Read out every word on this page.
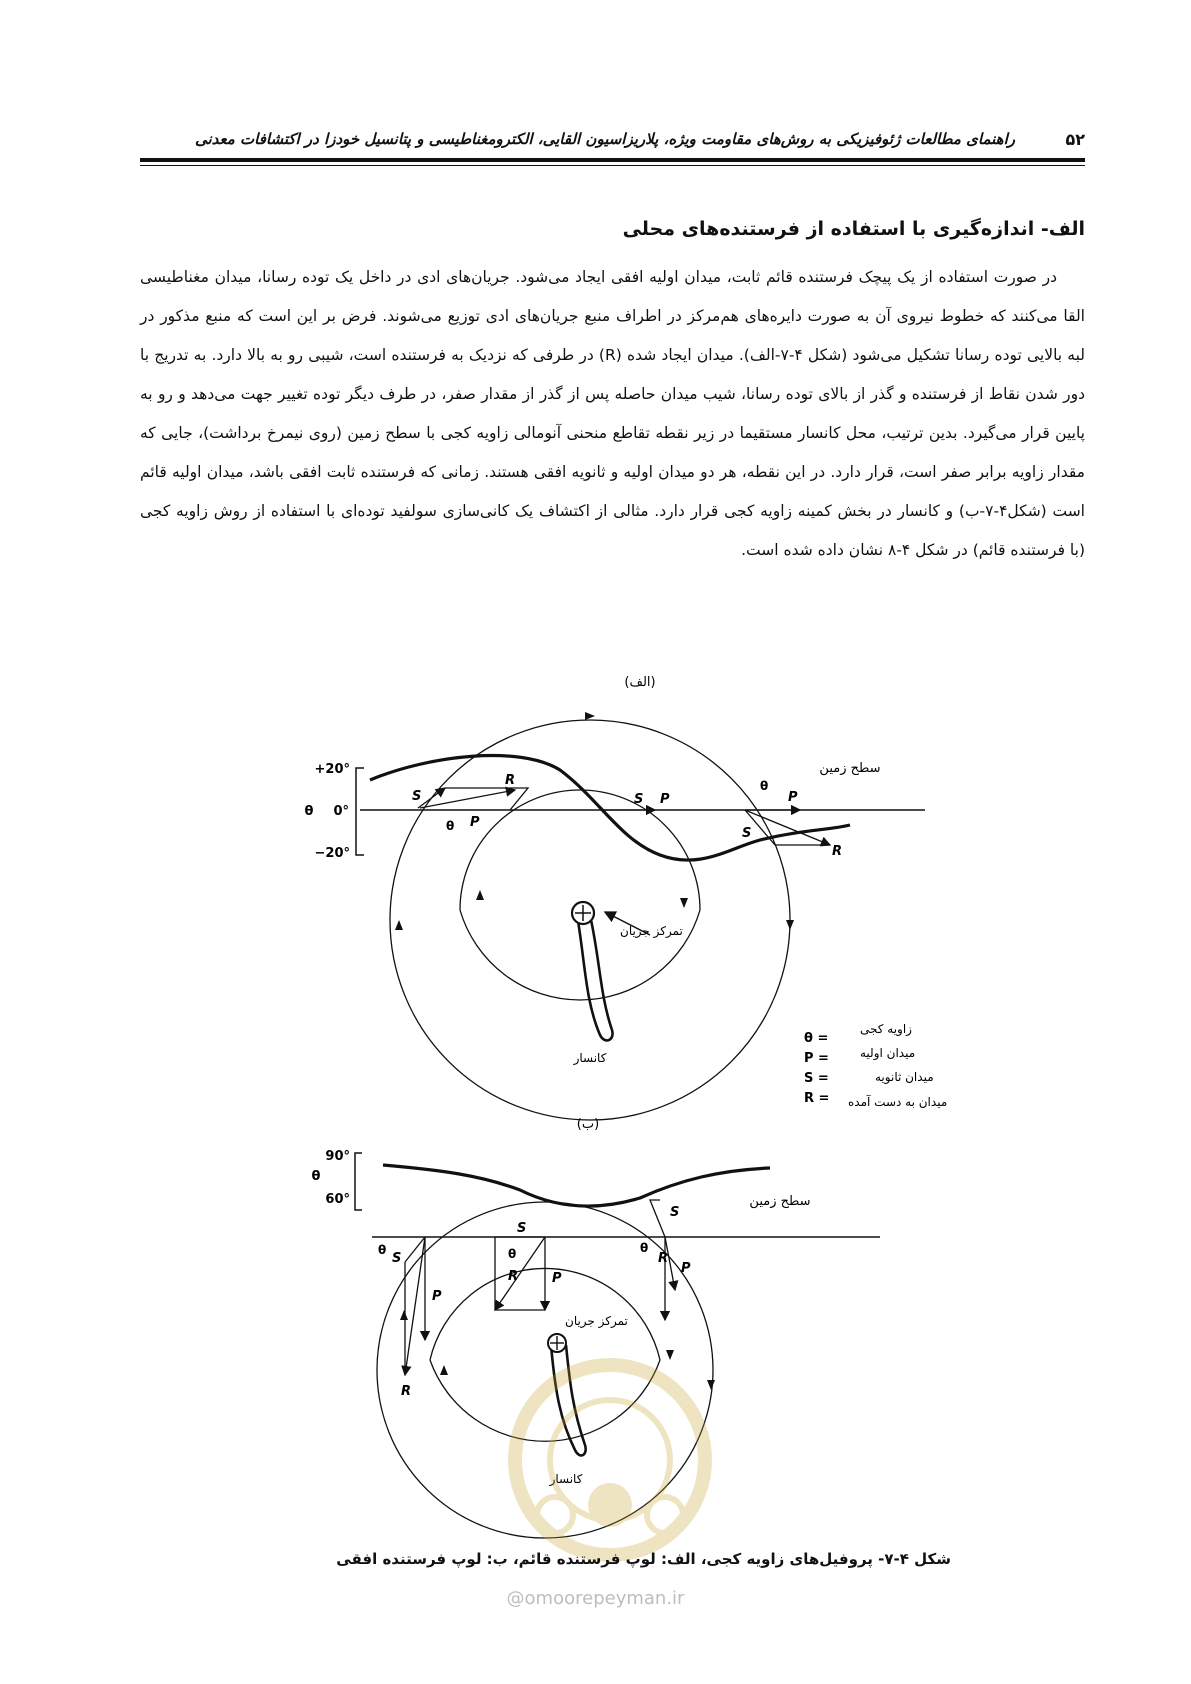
۵۲
راهنمای مطالعات ژئوفیزیکی به روش‌های مقاومت ویژه، پلاریزاسیون القایی، الکترومغناطیسی و پتانسیل خودزا در اکتشافات معدنی
الف- اندازه‌گیری با استفاده از فرستنده‌های محلی

در صورت استفاده از یک پیچک فرستنده قائم ثابت، میدان اولیه افقی ایجاد می‌شود. جریان‌های ادی در داخل یک توده رسانا، میدان مغناطیسی القا می‌کنند که خطوط نیروی آن به صورت دایره‌های هم‌مرکز در اطراف منبع جریان‌های ادی توزیع می‌شوند. فرض بر این است که منبع مذکور در لبه بالایی توده رسانا تشکیل می‌شود (شکل ۴-۷-الف). میدان ایجاد شده (R) در طرفی که نزدیک به فرستنده است، شیبی رو به بالا دارد. به تدریج با دور شدن نقاط از فرستنده و گذر از بالای توده رسانا، شیب میدان حاصله پس از گذر از مقدار صفر، در طرف دیگر توده تغییر جهت می‌دهد و رو به پایین قرار می‌گیرد. بدین ترتیب، محل کانسار مستقیما در زیر نقطه تقاطع منحنی آنومالی زاویه کجی با سطح زمین (روی نیمرخ برداشت)، جایی که مقدار زاویه برابر صفر است، قرار دارد. در این نقطه، هر دو میدان اولیه و ثانویه افقی هستند. زمانی که فرستنده ثابت افقی باشد، میدان اولیه قائم است (شکل۴-۷-ب) و کانسار در بخش کمینه زاویه کجی قرار دارد. مثالی از اکتشاف یک کانی‌سازی سولفید توده‌ای با استفاده از روش زاویه کجی (با فرستنده قائم) در شکل ۴-۸ نشان داده شده است.

(الف)
+20°
0°
θ
−20°
سطح زمین
R
S
P
θ
S P
R
S
P
θ
تمرکز جریان
کانسار
θ =
زاویه کجی
P =	میدان اولیه
S =	میدان ثانویه
R = میدان به دست آمده
(ب)
90°
θ
60°	سطح زمین
S
P
R
θ
S
P
R
θ
S
P
R
θ
تمرکز جریان
کانسار
شکل ۴-۷- پروفیل‌های زاویه کجی، الف: لوپ فرستنده قائم، ب: لوپ فرستنده افقی
@omoorepeyman.ir
